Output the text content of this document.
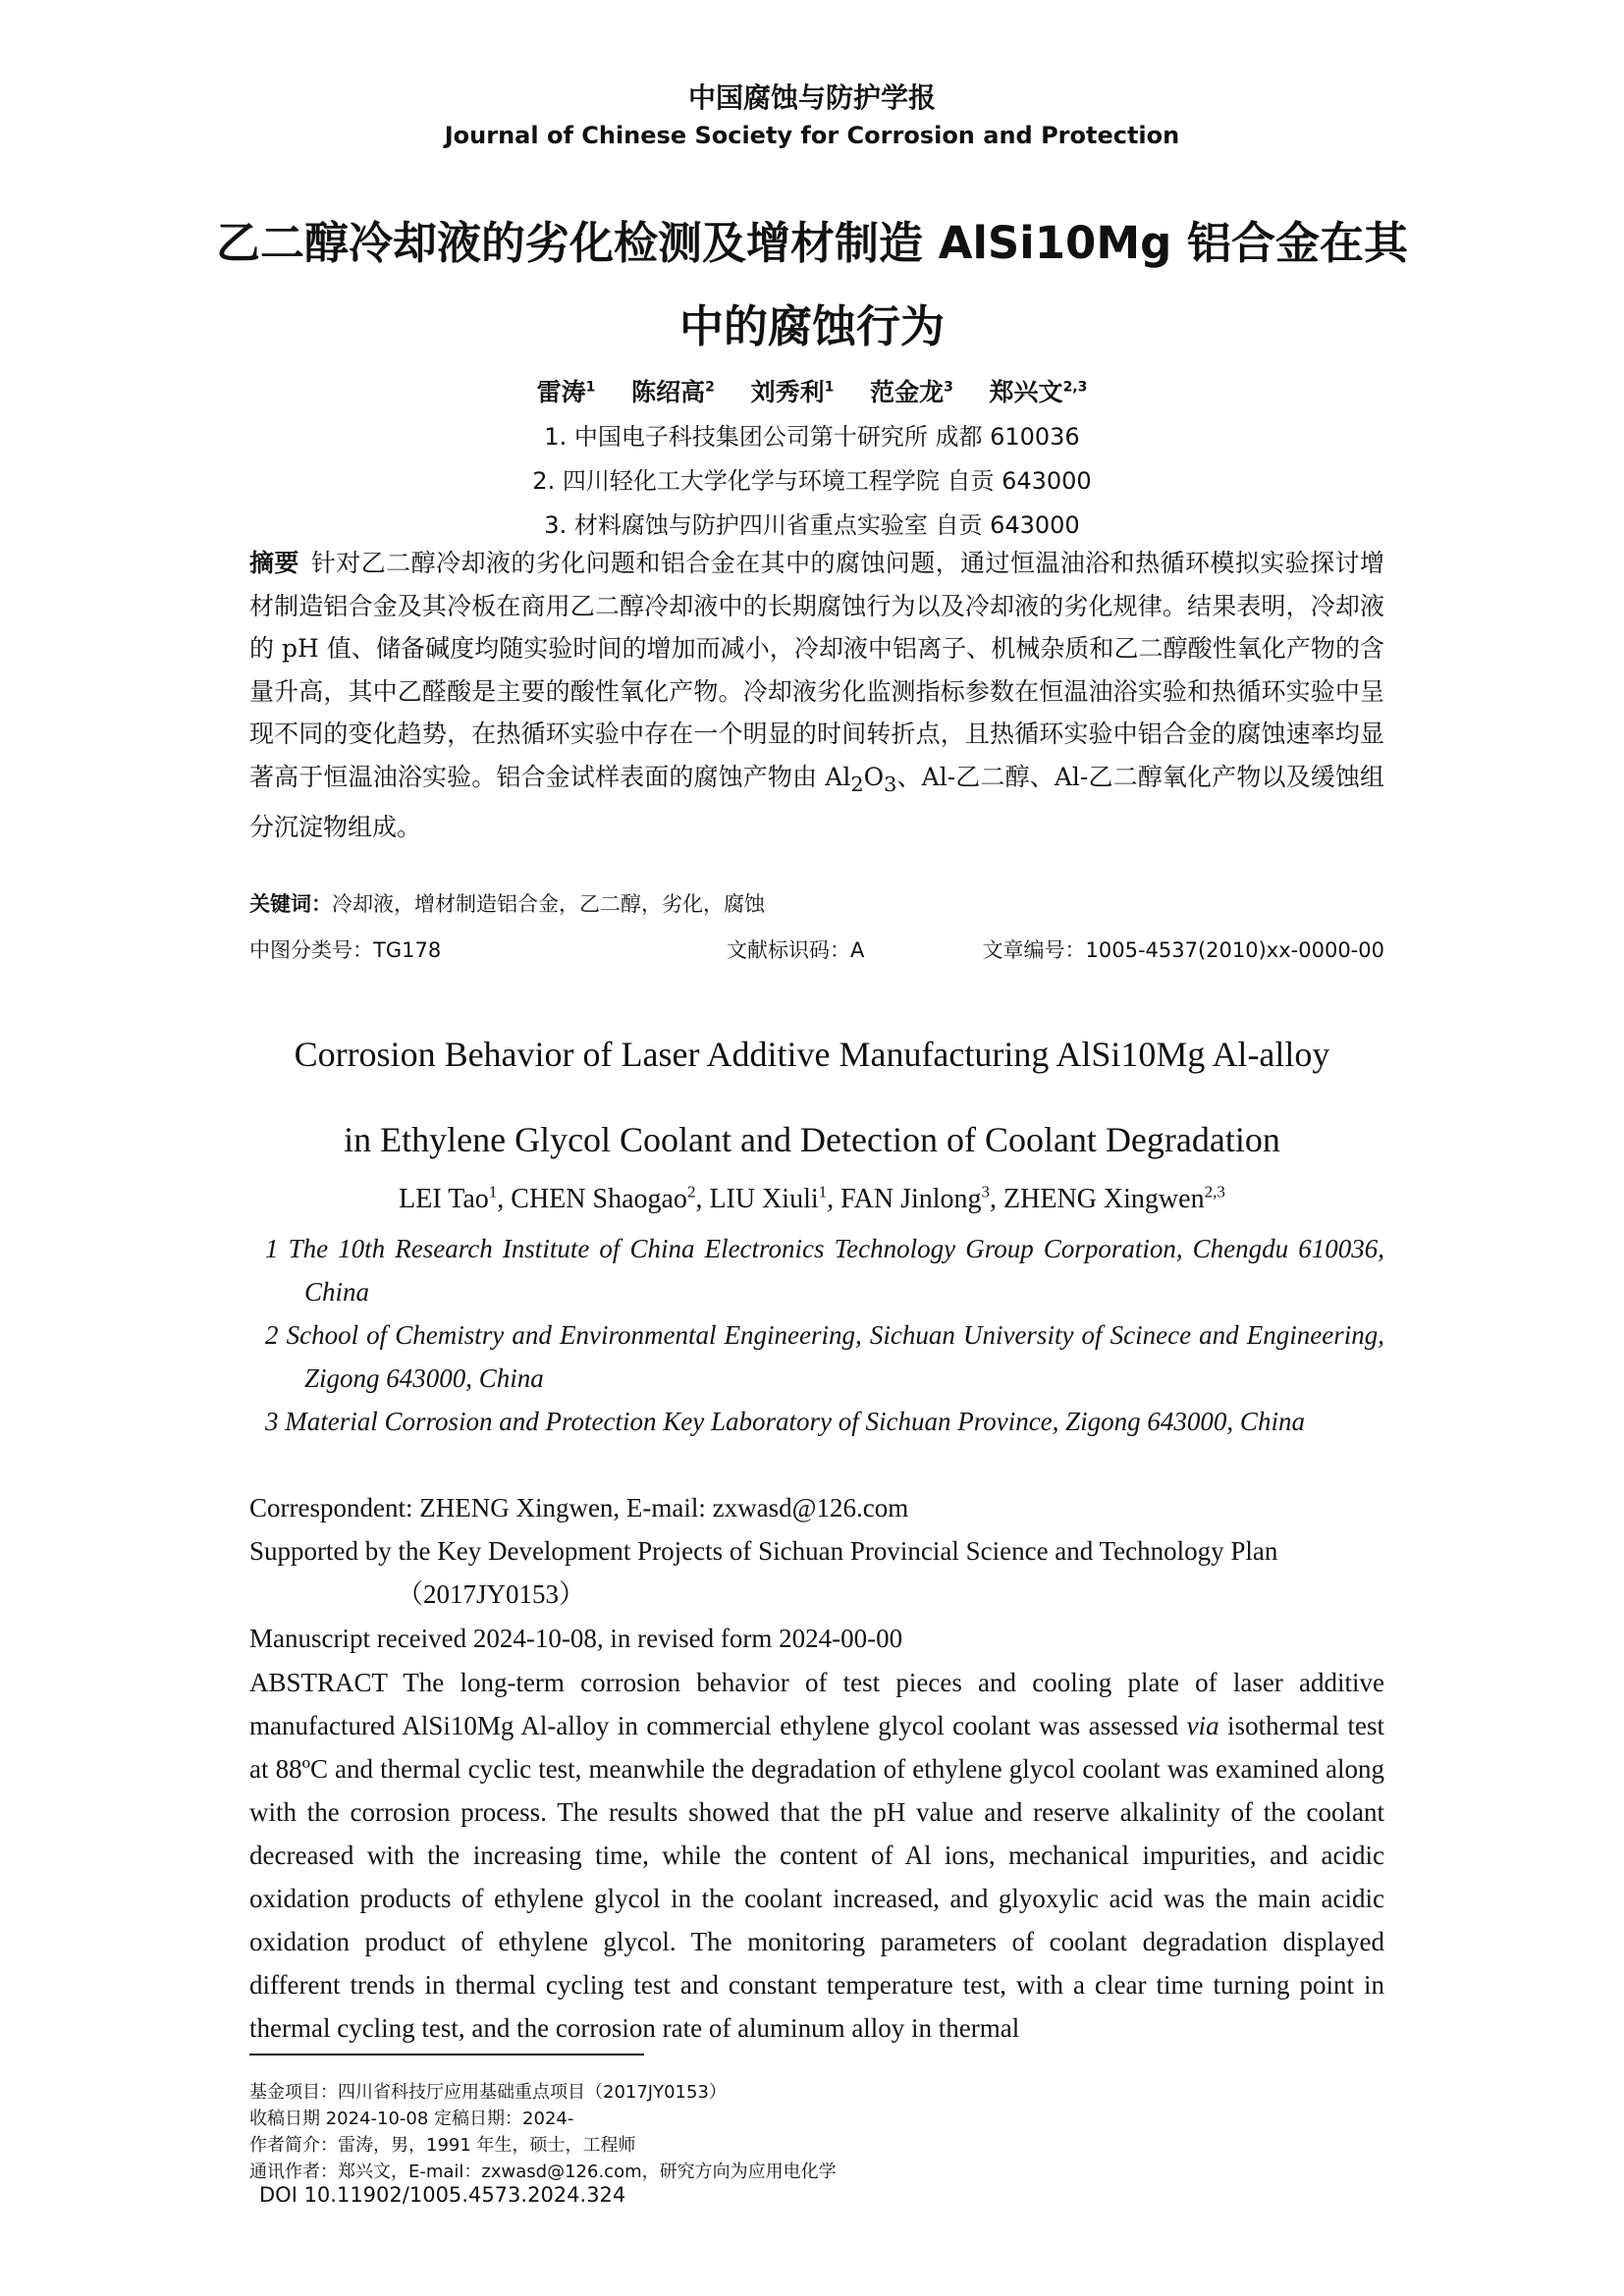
中国腐蚀与防护学报
Journal of Chinese Society for Corrosion and Protection
乙二醇冷却液的劣化检测及增材制造 AlSi10Mg 铝合金在其
中的腐蚀行为
雷涛$^1$ 陈绍高$^2$ 刘秀利$^1$ 范金龙$^3$ 郑兴文$^{2,3}$
1. 中国电子科技集团公司第十研究所 成都 610036
2. 四川轻化工大学化学与环境工程学院 自贡 643000
3. 材料腐蚀与防护四川省重点实验室 自贡 643000
摘要 针对乙二醇冷却液的劣化问题和铝合金在其中的腐蚀问题，通过恒温油浴和热循环模拟实验探讨增材制造铝合金及其冷板在商用乙二醇冷却液中的长期腐蚀行为以及冷却液的劣化规律。结果表明，冷却液的 pH 值、储备碱度均随实验时间的增加而减小，冷却液中铝离子、机械杂质和乙二醇酸性氧化产物的含量升高，其中乙醛酸是主要的酸性氧化产物。冷却液劣化监测指标参数在恒温油浴实验和热循环实验中呈现不同的变化趋势，在热循环实验中存在一个明显的时间转折点，且热循环实验中铝合金的腐蚀速率均显著高于恒温油浴实验。铝合金试样表面的腐蚀产物由 $Al_2O_3$、Al-乙二醇、Al-乙二醇氧化产物以及缓蚀组分沉淀物组成。
关键词：冷却液，增材制造铝合金，乙二醇，劣化，腐蚀
中图分类号：TG178	文献标识码：A	文章编号：1005-4537(2010)xx-0000-00
Corrosion Behavior of Laser Additive Manufacturing AlSi10Mg Al-alloy
in Ethylene Glycol Coolant and Detection of Coolant Degradation
LEI Tao$^1$, CHEN Shaogao$^2$, LIU Xiuli$^1$, FAN Jinlong$^3$, ZHENG Xingwen$^{2,3}$
1 The 10th Research Institute of China Electronics Technology Group Corporation, Chengdu 610036, China
2 School of Chemistry and Environmental Engineering, Sichuan University of Scinece and Engineering, Zigong 643000, China
3 Material Corrosion and Protection Key Laboratory of Sichuan Province, Zigong 643000, China
Correspondent: ZHENG Xingwen, E-mail: zxwasd@126.com
Supported by the Key Development Projects of Sichuan Provincial Science and Technology Plan
（2017JY0153）
Manuscript received 2024-10-08, in revised form 2024-00-00
ABSTRACT The long-term corrosion behavior of test pieces and cooling plate of laser additive manufactured AlSi10Mg Al-alloy in commercial ethylene glycol coolant was assessed via isothermal test at 88ºC and thermal cyclic test, meanwhile the degradation of ethylene glycol coolant was examined along with the corrosion process. The results showed that the pH value and reserve alkalinity of the coolant decreased with the increasing time, while the content of Al ions, mechanical impurities, and acidic oxidation products of ethylene glycol in the coolant increased, and glyoxylic acid was the main acidic oxidation product of ethylene glycol. The monitoring parameters of coolant degradation displayed different trends in thermal cycling test and constant temperature test, with a clear time turning point in thermal cycling test, and the corrosion rate of aluminum alloy in thermal
基金项目：四川省科技厅应用基础重点项目（2017JY0153）
收稿日期 2024-10-08 定稿日期：2024-
作者简介：雷涛，男，1991 年生，硕士，工程师
通讯作者：郑兴文，E-mail：zxwasd@126.com，研究方向为应用电化学
DOI 10.11902/1005.4573.2024.324
